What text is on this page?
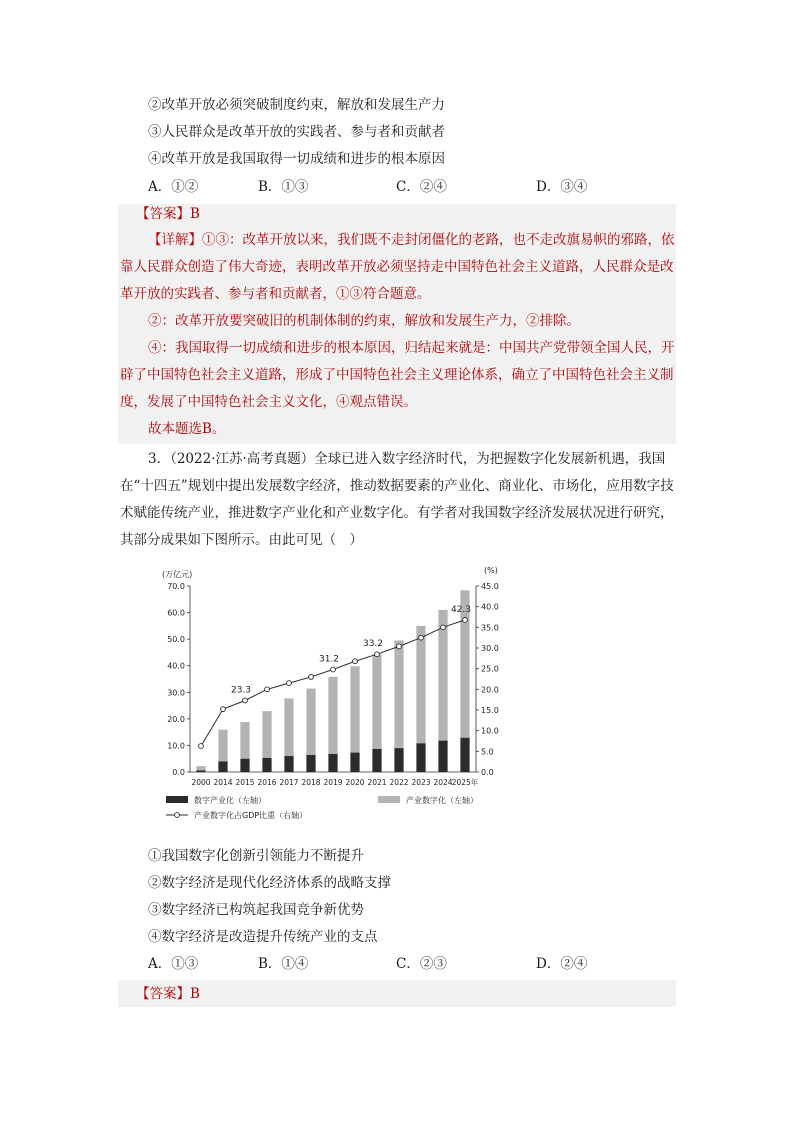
②改革开放必须突破制度约束，解放和发展生产力
③人民群众是改革开放的实践者、参与者和贡献者
④改革开放是我国取得一切成绩和进步的根本原因
A．①②	B．①③	C．②④	D．③④
【答案】B

【详解】①③：改革开放以来，我们既不走封闭僵化的老路，也不走改旗易帜的邪路，依靠人民群众创造了伟大奇迹，表明改革开放必须坚持走中国特色社会主义道路，人民群众是改革开放的实践者、参与者和贡献者，①③符合题意。

②：改革开放要突破旧的机制体制的约束，解放和发展生产力，②排除。

④：我国取得一切成绩和进步的根本原因，归结起来就是：中国共产党带领全国人民，开辟了中国特色社会主义道路，形成了中国特色社会主义理论体系，确立了中国特色社会主义制度，发展了中国特色社会主义文化，④观点错误。

故本题选B。

3．（2022·江苏·高考真题）全球已进入数字经济时代，为把握数字化发展新机遇，我国在“十四五”规划中提出发展数字经济，推动数据要素的产业化、商业化、市场化，应用数字技术赋能传统产业，推进数字产业化和产业数字化。有学者对我国数字经济发展状况进行研究，其部分成果如下图所示。由此可见（　）

0.0
10.0
20.0
30.0
40.0
50.0
60.0
70.0
(万亿元)
0.0
5.0
10.0
15.0
20.0
25.0
30.0
35.0
40.0
45.0
(%)
2000 2014 2015 2016 2017 2018 2019 2020 2021 2022 2023 2024 2025年
23.3
31.2
33.2
42.3
数字产业化（左轴）	产业数字化（左轴）
产业数字化占GDP比重（右轴）
①我国数字化创新引领能力不断提升
②数字经济是现代化经济体系的战略支撑
③数字经济已构筑起我国竞争新优势
④数字经济是改造提升传统产业的支点
A．①③	B．①④	C．②③	D．②④
【答案】B
